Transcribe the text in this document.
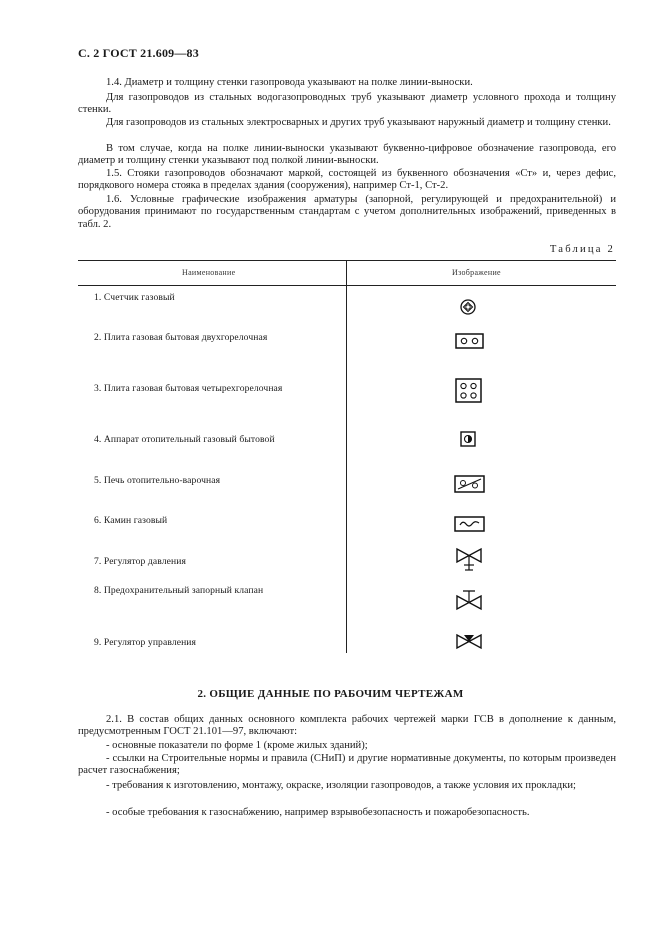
С. 2 ГОСТ 21.609—83
1.4. Диаметр и толщину стенки газопровода указывают на полке линии-выноски.
Для газопроводов из стальных водогазопроводных труб указывают диаметр условного прохода и толщину стенки.
Для газопроводов из стальных электросварных и других труб указывают наружный диаметр и толщину стенки.
В том случае, когда на полке линии-выноски указывают буквенно-цифровое обозначение газопровода, его диаметр и толщину стенки указывают под полкой линии-выноски.
1.5. Стояки газопроводов обозначают маркой, состоящей из буквенного обозначения «Ст» и, через дефис, порядкового номера стояка в пределах здания (сооружения), например Ст-1, Ст-2.
1.6. Условные графические изображения арматуры (запорной, регулирующей и предохранительной) и оборудования принимают по государственным стандартам с учетом дополнительных изображений, приведенных в табл. 2.
Таблица 2
Наименование	Изображение
1. Счетчик газовый
2. Плита газовая бытовая двухгорелочная
3. Плита газовая бытовая четырехгорелочная
4. Аппарат отопительный газовый бытовой
5. Печь отопительно-варочная
6. Камин газовый
7. Регулятор давления
8. Предохранительный запорный клапан
9. Регулятор управления
2. ОБЩИЕ ДАННЫЕ ПО РАБОЧИМ ЧЕРТЕЖАМ
2.1. В состав общих данных основного комплекта рабочих чертежей марки ГСВ в дополнение к данным, предусмотренным ГОСТ 21.101—97, включают:
- основные показатели по форме 1 (кроме жилых зданий);
- ссылки на Строительные нормы и правила (СНиП) и другие нормативные документы, по которым произведен расчет газоснабжения;
- требования к изготовлению, монтажу, окраске, изоляции газопроводов, а также условия их прокладки;
- особые требования к газоснабжению, например взрывобезопасность и пожаробезопасность.
